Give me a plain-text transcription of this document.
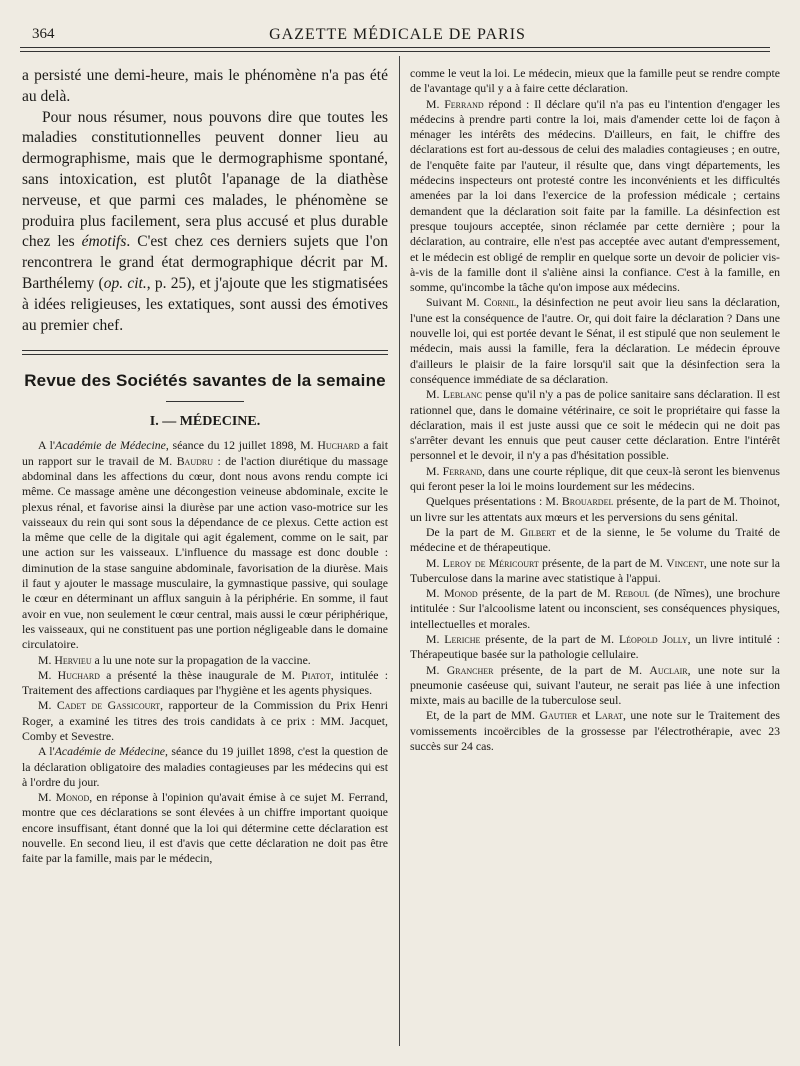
364	GAZETTE MÉDICALE DE PARIS

a persisté une demi-heure, mais le phénomène n'a pas été au delà.

Pour nous résumer, nous pouvons dire que toutes les maladies constitutionnelles peuvent donner lieu au dermographisme, mais que le dermographisme spontané, sans intoxication, est plutôt l'apanage de la diathèse nerveuse, et que parmi ces malades, le phénomène se produira plus facilement, sera plus accusé et plus durable chez les émotifs. C'est chez ces derniers sujets que l'on rencontrera le grand état dermographique décrit par M. Barthélemy (op. cit., p. 25), et j'ajoute que les stigmatisées à idées religieuses, les extatiques, sont aussi des émotives au premier chef.

Revue des Sociétés savantes de la semaine
I. — MÉDECINE.

A l'Académie de Médecine, séance du 12 juillet 1898, M. Huchard a fait un rapport sur le travail de M. Baudru : de l'action diurétique du massage abdominal dans les affections du cœur, dont nous avons rendu compte ici même. Ce massage amène une décongestion veineuse abdominale, excite le plexus rénal, et favorise ainsi la diurèse par une action vaso-motrice sur les vaisseaux du rein qui sont sous la dépendance de ce plexus. Cette action est la même que celle de la digitale qui agit également, comme on le sait, par une action sur les vaisseaux. L'influence du massage est donc double : diminution de la stase sanguine abdominale, favorisation de la diurèse. Mais il faut y ajouter le massage musculaire, la gymnastique passive, qui soulage le cœur en déterminant un afflux sanguin à la périphérie. En somme, il faut avoir en vue, non seulement le cœur central, mais aussi le cœur périphérique, les vaisseaux, qui ne constituent pas une portion négligeable dans le domaine circulatoire.

M. Hervieu a lu une note sur la propagation de la vaccine.

M. Huchard a présenté la thèse inaugurale de M. Piatot, intitulée : Traitement des affections cardiaques par l'hygiène et les agents physiques.

M. Cadet de Gassicourt, rapporteur de la Commission du Prix Henri Roger, a examiné les titres des trois candidats à ce prix : MM. Jacquet, Comby et Sevestre.

A l'Académie de Médecine, séance du 19 juillet 1898, c'est la question de la déclaration obligatoire des maladies contagieuses par les médecins qui est à l'ordre du jour.

M. Monod, en réponse à l'opinion qu'avait émise à ce sujet M. Ferrand, montre que ces déclarations se sont élevées à un chiffre important quoique encore insuffisant, étant donné que la loi qui détermine cette déclaration est nouvelle. En second lieu, il est d'avis que cette déclaration ne doit pas être faite par la famille, mais par le médecin,

comme le veut la loi. Le médecin, mieux que la famille peut se rendre compte de l'avantage qu'il y a à faire cette déclaration.

M. Ferrand répond : Il déclare qu'il n'a pas eu l'intention d'engager les médecins à prendre parti contre la loi, mais d'amender cette loi de façon à ménager les intérêts des médecins. D'ailleurs, en fait, le chiffre des déclarations est fort au-dessous de celui des maladies contagieuses ; en outre, de l'enquête faite par l'auteur, il résulte que, dans vingt départements, les médecins inspecteurs ont protesté contre les inconvénients et les difficultés amenées par la loi dans l'exercice de la profession médicale ; certains demandent que la déclaration soit faite par la famille. La désinfection est presque toujours acceptée, sinon réclamée par cette dernière ; pour la déclaration, au contraire, elle n'est pas acceptée avec autant d'empressement, et le médecin est obligé de remplir en quelque sorte un devoir de policier vis-à-vis de la famille dont il s'aliène ainsi la confiance. C'est à la famille, en somme, qu'incombe la tâche qu'on impose aux médecins.

Suivant M. Cornil, la désinfection ne peut avoir lieu sans la déclaration, l'une est la conséquence de l'autre. Or, qui doit faire la déclaration ? Dans une nouvelle loi, qui est portée devant le Sénat, il est stipulé que non seulement le médecin, mais aussi la famille, fera la déclaration. Le médecin éprouve d'ailleurs le plaisir de la faire lorsqu'il sait que la désinfection sera la conséquence immédiate de sa déclaration.

M. Leblanc pense qu'il n'y a pas de police sanitaire sans déclaration. Il est rationnel que, dans le domaine vétérinaire, ce soit le propriétaire qui fasse la déclaration, mais il est juste aussi que ce soit le médecin qui ne doit pas s'arrêter devant les ennuis que peut causer cette déclaration. Entre l'intérêt personnel et le devoir, il n'y a pas d'hésitation possible.

M. Ferrand, dans une courte réplique, dit que ceux-là seront les bienvenus qui feront peser la loi le moins lourdement sur les médecins.

Quelques présentations : M. Brouardel présente, de la part de M. Thoinot, un livre sur les attentats aux mœurs et les perversions du sens génital.

De la part de M. Gilbert et de la sienne, le 5e volume du Traité de médecine et de thérapeutique.

M. Leroy de Méricourt présente, de la part de M. Vincent, une note sur la Tuberculose dans la marine avec statistique à l'appui.

M. Monod présente, de la part de M. Reboul (de Nîmes), une brochure intitulée : Sur l'alcoolisme latent ou inconscient, ses conséquences physiques, intellectuelles et morales.

M. Leriche présente, de la part de M. Léopold Jolly, un livre intitulé : Thérapeutique basée sur la pathologie cellulaire.

M. Grancher présente, de la part de M. Auclair, une note sur la pneumonie caséeuse qui, suivant l'auteur, ne serait pas liée à une infection mixte, mais au bacille de la tuberculose seul.

Et, de la part de MM. Gautier et Larat, une note sur le Traitement des vomissements incoërcibles de la grossesse par l'électrothérapie, avec 23 succès sur 24 cas.
